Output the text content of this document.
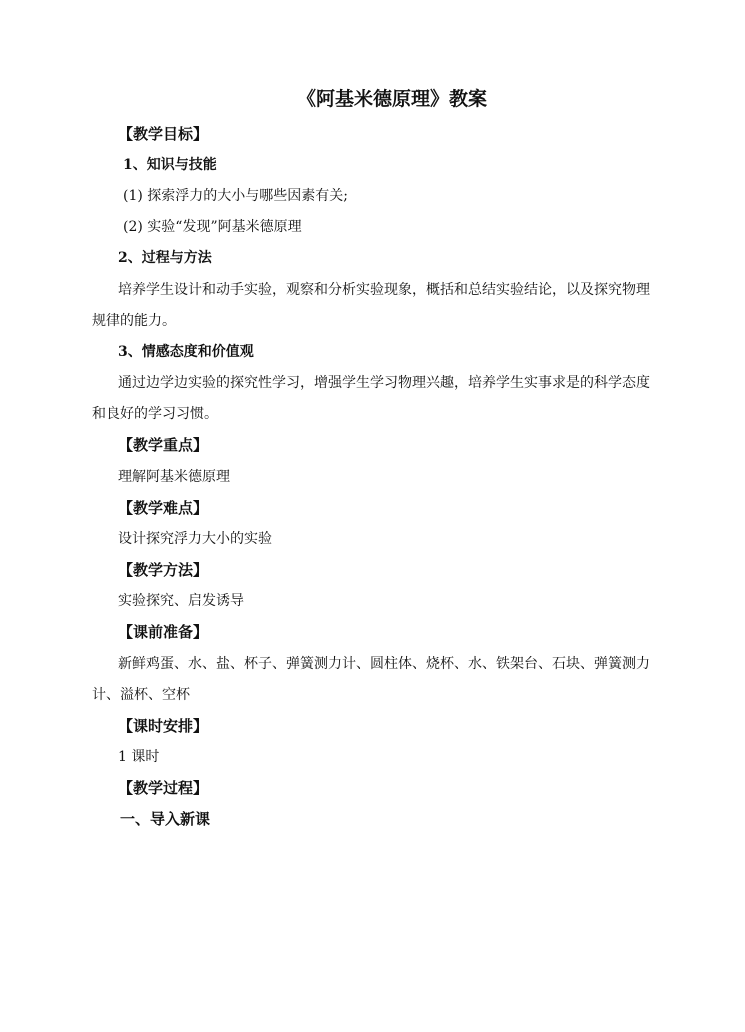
《阿基米德原理》教案
【教学目标】
1、知识与技能
(1) 探索浮力的大小与哪些因素有关;
(2) 实验“发现”阿基米德原理
2、过程与方法
培养学生设计和动手实验，观察和分析实验现象，概括和总结实验结论，以及探究物理
规律的能力。
3、情感态度和价值观
通过边学边实验的探究性学习，增强学生学习物理兴趣，培养学生实事求是的科学态度
和良好的学习习惯。
【教学重点】
理解阿基米德原理
【教学难点】
设计探究浮力大小的实验
【教学方法】
实验探究、启发诱导
【课前准备】
新鲜鸡蛋、水、盐、杯子、弹簧测力计、圆柱体、烧杯、水、铁架台、石块、弹簧测力
计、溢杯、空杯
【课时安排】
1 课时
【教学过程】
一、导入新课
